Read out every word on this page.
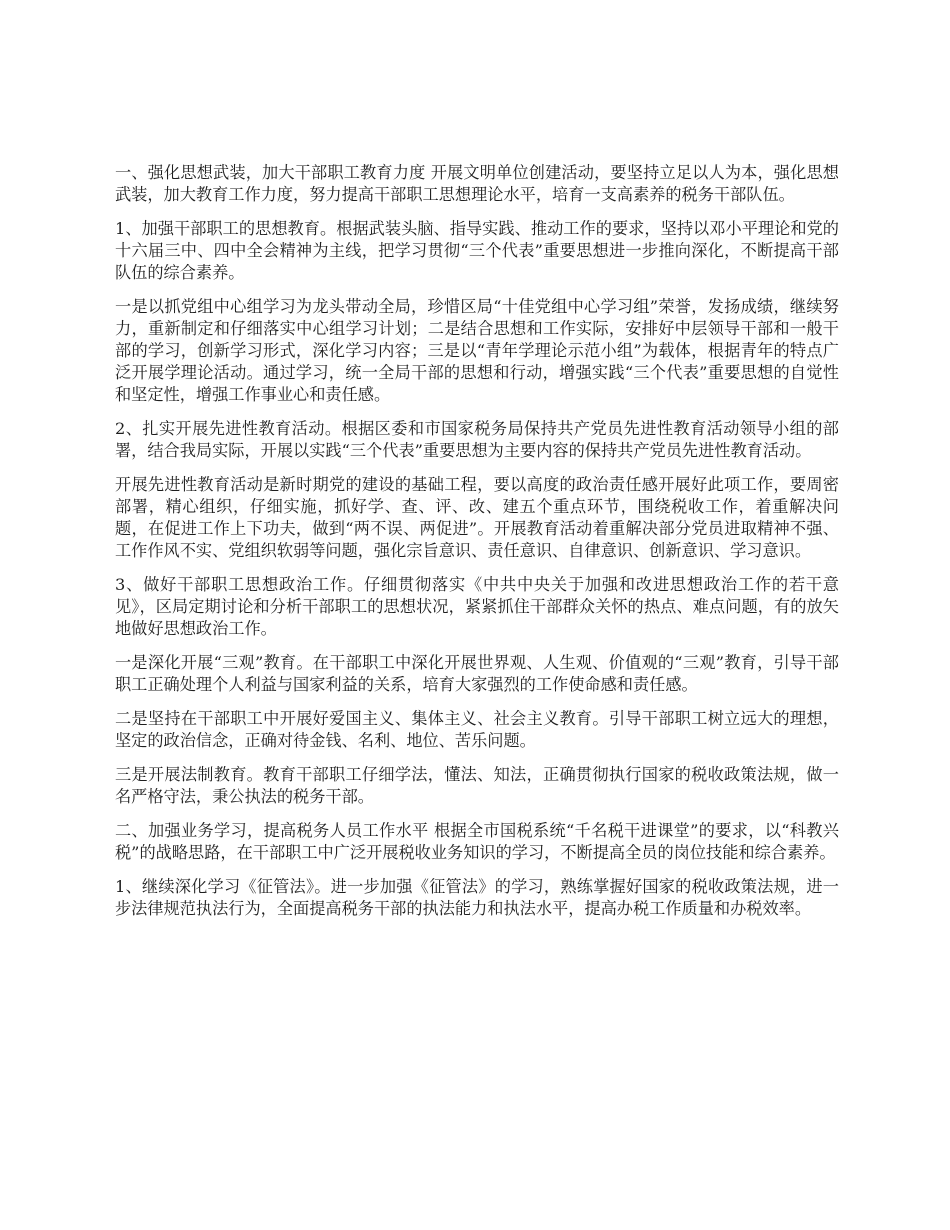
一、强化思想武装，加大干部职工教育力度 开展文明单位创建活动，要坚持立足以人为本，强化思想武装，加大教育工作力度，努力提高干部职工思想理论水平，培育一支高素养的税务干部队伍。

1、加强干部职工的思想教育。根据武装头脑、指导实践、推动工作的要求，坚持以邓小平理论和党的十六届三中、四中全会精神为主线，把学习贯彻“三个代表”重要思想进一步推向深化，不断提高干部队伍的综合素养。

一是以抓党组中心组学习为龙头带动全局，珍惜区局“十佳党组中心学习组”荣誉，发扬成绩，继续努力，重新制定和仔细落实中心组学习计划；二是结合思想和工作实际，安排好中层领导干部和一般干部的学习，创新学习形式，深化学习内容；三是以“青年学理论示范小组”为载体，根据青年的特点广泛开展学理论活动。通过学习，统一全局干部的思想和行动，增强实践“三个代表”重要思想的自觉性和坚定性，增强工作事业心和责任感。

2、扎实开展先进性教育活动。根据区委和市国家税务局保持共产党员先进性教育活动领导小组的部署，结合我局实际，开展以实践“三个代表”重要思想为主要内容的保持共产党员先进性教育活动。

开展先进性教育活动是新时期党的建设的基础工程，要以高度的政治责任感开展好此项工作，要周密部署，精心组织，仔细实施，抓好学、查、评、改、建五个重点环节，围绕税收工作，着重解决问题，在促进工作上下功夫，做到“两不误、两促进”。开展教育活动着重解决部分党员进取精神不强、工作作风不实、党组织软弱等问题，强化宗旨意识、责任意识、自律意识、创新意识、学习意识。

3、做好干部职工思想政治工作。仔细贯彻落实《中共中央关于加强和改进思想政治工作的若干意见》，区局定期讨论和分析干部职工的思想状况，紧紧抓住干部群众关怀的热点、难点问题，有的放矢地做好思想政治工作。

一是深化开展“三观”教育。在干部职工中深化开展世界观、人生观、价值观的“三观”教育，引导干部职工正确处理个人利益与国家利益的关系，培育大家强烈的工作使命感和责任感。

二是坚持在干部职工中开展好爱国主义、集体主义、社会主义教育。引导干部职工树立远大的理想，坚定的政治信念，正确对待金钱、名利、地位、苦乐问题。

三是开展法制教育。教育干部职工仔细学法，懂法、知法，正确贯彻执行国家的税收政策法规，做一名严格守法，秉公执法的税务干部。

二、加强业务学习，提高税务人员工作水平 根据全市国税系统“千名税干进课堂”的要求，以“科教兴税”的战略思路，在干部职工中广泛开展税收业务知识的学习，不断提高全员的岗位技能和综合素养。

1、继续深化学习《征管法》。进一步加强《征管法》的学习，熟练掌握好国家的税收政策法规，进一步法律规范执法行为，全面提高税务干部的执法能力和执法水平，提高办税工作质量和办税效率。
